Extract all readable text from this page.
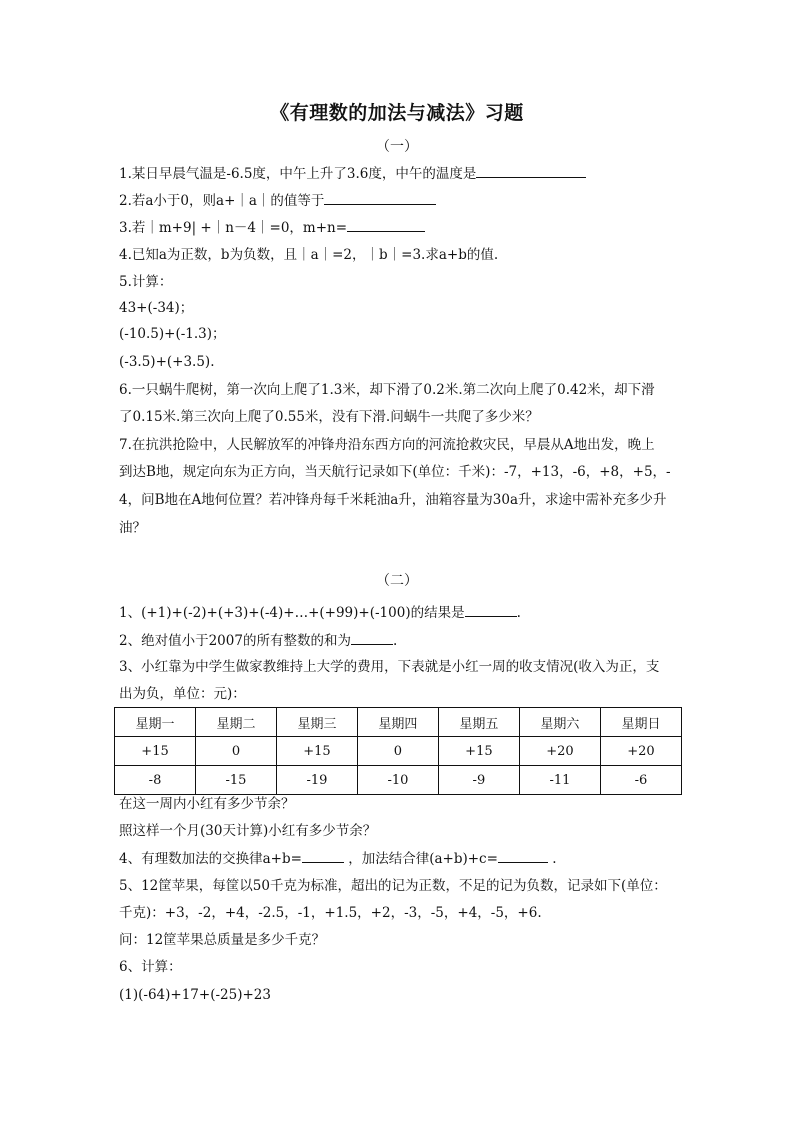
《有理数的加法与减法》习题
（一）
1.某日早晨气温是-6.5度，中午上升了3.6度，中午的温度是
2.若a小于0，则a+｜a｜的值等于
3.若｜m+9| +｜n－4｜=0，m+n=
4.已知a为正数，b为负数，且｜a｜=2，｜b｜=3.求a+b的值.
5.计算：
43+(-34)；
(-10.5)+(-1.3)；
(-3.5)+(+3.5).
6.一只蜗牛爬树，第一次向上爬了1.3米，却下滑了0.2米.第二次向上爬了0.42米，却下滑
了0.15米.第三次向上爬了0.55米，没有下滑.问蜗牛一共爬了多少米？
7.在抗洪抢险中，人民解放军的冲锋舟沿东西方向的河流抢救灾民，早晨从A地出发，晚上
到达B地，规定向东为正方向，当天航行记录如下(单位：千米)：-7，+13，-6，+8，+5，-
4，问B地在A地何位置？若冲锋舟每千米耗油a升，油箱容量为30a升，求途中需补充多少升
油？
（二）
1、(+1)+(-2)+(+3)+(-4)+…+(+99)+(-100)的结果是	.
2、绝对值小于2007的所有整数的和为	.
3、小红靠为中学生做家教维持上大学的费用，下表就是小红一周的收支情况(收入为正，支
出为负，单位：元)：
星期一	星期二	星期三	星期四	星期五	星期六	星期日
+15	0	+15	0	+15	+20	+20
-8	-15	-19	-10	-9	-11	-6
在这一周内小红有多少节余？
照这样一个月(30天计算)小红有多少节余？
4、有理数加法的交换律a+b=	，加法结合律(a+b)+c=	.
5、12筐苹果，每筐以50千克为标准，超出的记为正数，不足的记为负数，记录如下(单位：
千克)：+3，-2，+4，-2.5，-1，+1.5，+2，-3，-5，+4，-5，+6.
问：12筐苹果总质量是多少千克？
6、计算：
(1)(-64)+17+(-25)+23
